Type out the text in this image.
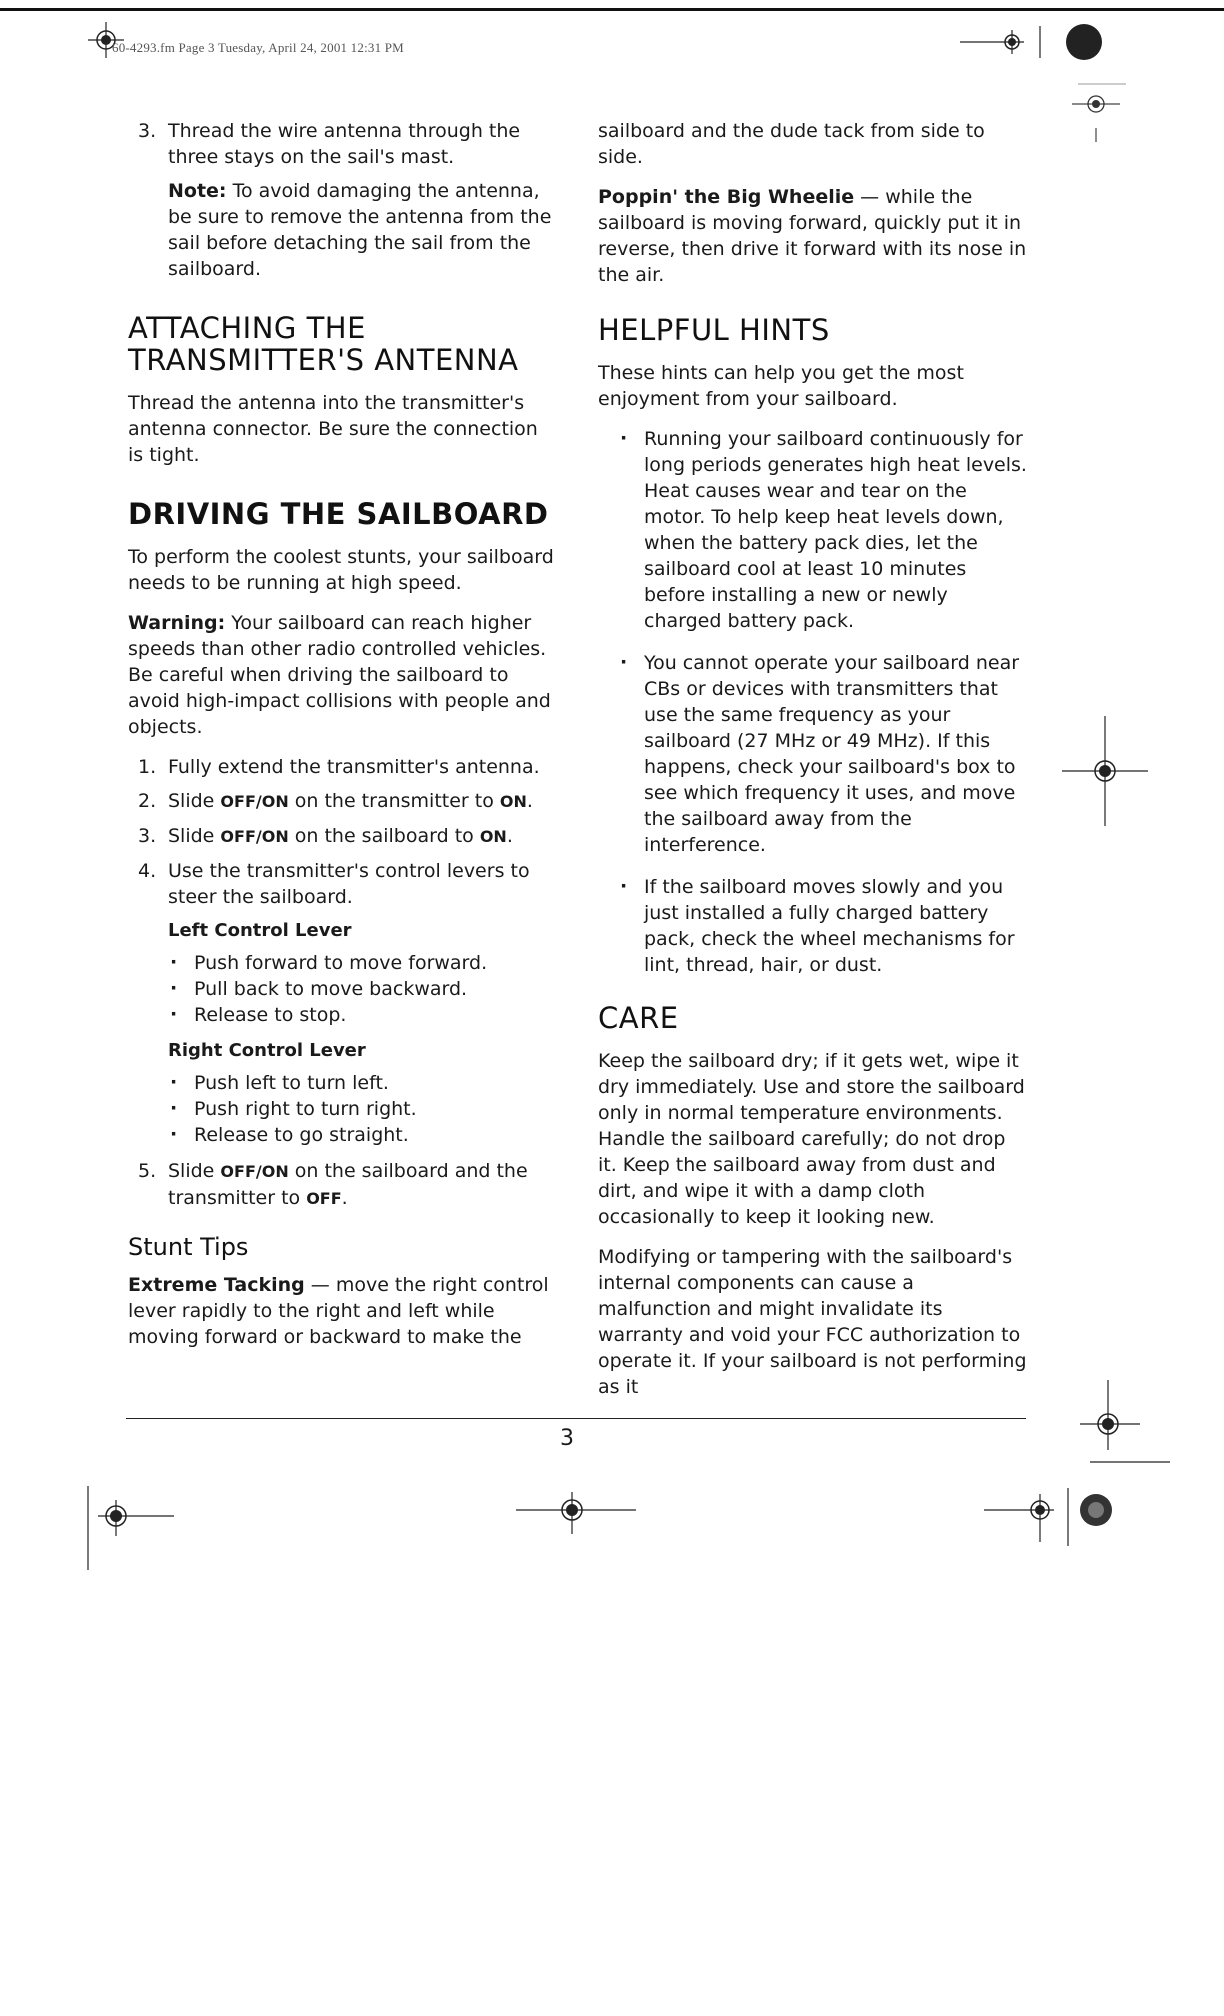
60-4293.fm Page 3 Tuesday, April 24, 2001 12:31 PM
3
3. Thread the wire antenna through the three stays on the sail's mast.

Note: To avoid damaging the antenna, be sure to remove the antenna from the sail before detaching the sail from the sailboard.

ATTACHING THE TRANSMITTER'S ANTENNA

Thread the antenna into the transmitter's antenna connector. Be sure the connection is tight.

DRIVING THE SAILBOARD

To perform the coolest stunts, your sailboard needs to be running at high speed.

Warning: Your sailboard can reach higher speeds than other radio controlled vehicles. Be careful when driving the sailboard to avoid high-impact collisions with people and objects.

1. Fully extend the transmitter's antenna.
2. Slide OFF/ON on the transmitter to ON.
3. Slide OFF/ON on the sailboard to ON.
4. Use the transmitter's control levers to steer the sailboard.
Left Control Lever
· Push forward to move forward.
· Pull back to move backward.
· Release to stop.
Right Control Lever
· Push left to turn left.
· Push right to turn right.
· Release to go straight.
5. Slide OFF/ON on the sailboard and the transmitter to OFF.
Stunt Tips

Extreme Tacking — move the right control lever rapidly to the right and left while moving forward or backward to make the

sailboard and the dude tack from side to side.

Poppin' the Big Wheelie — while the sailboard is moving forward, quickly put it in reverse, then drive it forward with its nose in the air.

HELPFUL HINTS

These hints can help you get the most enjoyment from your sailboard.

· Running your sailboard continuously for long periods generates high heat levels. Heat causes wear and tear on the motor. To help keep heat levels down, when the battery pack dies, let the sailboard cool at least 10 minutes before installing a new or newly charged battery pack.
· You cannot operate your sailboard near CBs or devices with transmitters that use the same frequency as your sailboard (27 MHz or 49 MHz). If this happens, check your sailboard's box to see which frequency it uses, and move the sailboard away from the interference.
· If the sailboard moves slowly and you just installed a fully charged battery pack, check the wheel mechanisms for lint, thread, hair, or dust.
CARE

Keep the sailboard dry; if it gets wet, wipe it dry immediately. Use and store the sailboard only in normal temperature environments. Handle the sailboard carefully; do not drop it. Keep the sailboard away from dust and dirt, and wipe it with a damp cloth occasionally to keep it looking new.

Modifying or tampering with the sailboard's internal components can cause a malfunction and might invalidate its warranty and void your FCC authorization to operate it. If your sailboard is not performing as it
